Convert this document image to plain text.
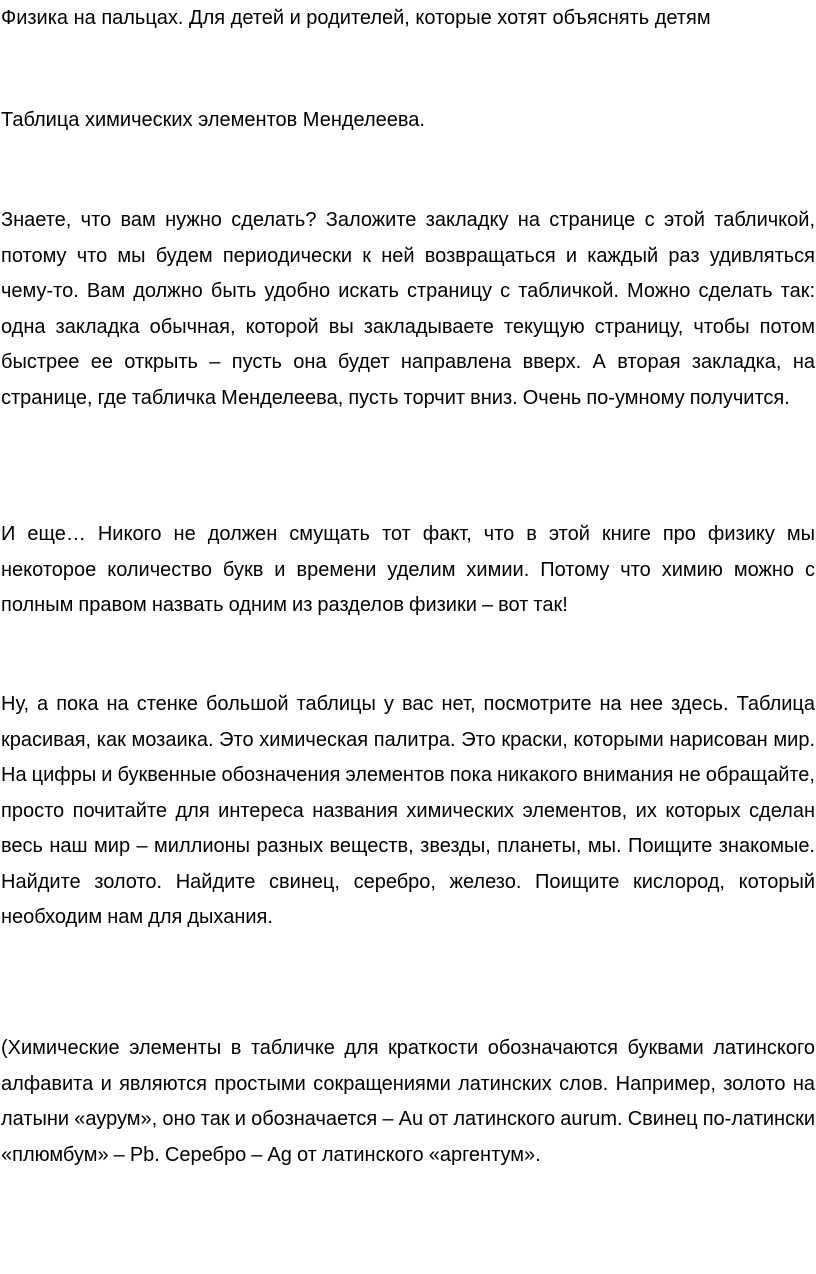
Физика на пальцах. Для детей и родителей, которые хотят объяснять детям

Таблица химических элементов Менделеева.

Знаете, что вам нужно сделать? Заложите закладку на странице с этой табличкой, потому что мы будем периодически к ней возвращаться и каждый раз удивляться чему-то. Вам должно быть удобно искать страницу с табличкой. Можно сделать так: одна закладка обычная, которой вы закладываете текущую страницу, чтобы потом быстрее ее открыть – пусть она будет направлена вверх. А вторая закладка, на странице, где табличка Менделеева, пусть торчит вниз. Очень по-умному получится.

И еще… Никого не должен смущать тот факт, что в этой книге про физику мы некоторое количество букв и времени уделим химии. Потому что химию можно с полным правом назвать одним из разделов физики – вот так!

Ну, а пока на стенке большой таблицы у вас нет, посмотрите на нее здесь. Таблица красивая, как мозаика. Это химическая палитра. Это краски, которыми нарисован мир. На цифры и буквенные обозначения элементов пока никакого внимания не обращайте, просто почитайте для интереса названия химических элементов, их которых сделан весь наш мир – миллионы разных веществ, звезды, планеты, мы. Поищите знакомые. Найдите золото. Найдите свинец, серебро, железо. Поищите кислород, который необходим нам для дыхания.

(Химические элементы в табличке для краткости обозначаются буквами латинского алфавита и являются простыми сокращениями латинских слов. Например, золото на латыни «аурум», оно так и обозначается – Au от латинского aurum. Свинец по-латински «плюмбум» – Pb. Серебро – Ag от латинского «аргентум».
